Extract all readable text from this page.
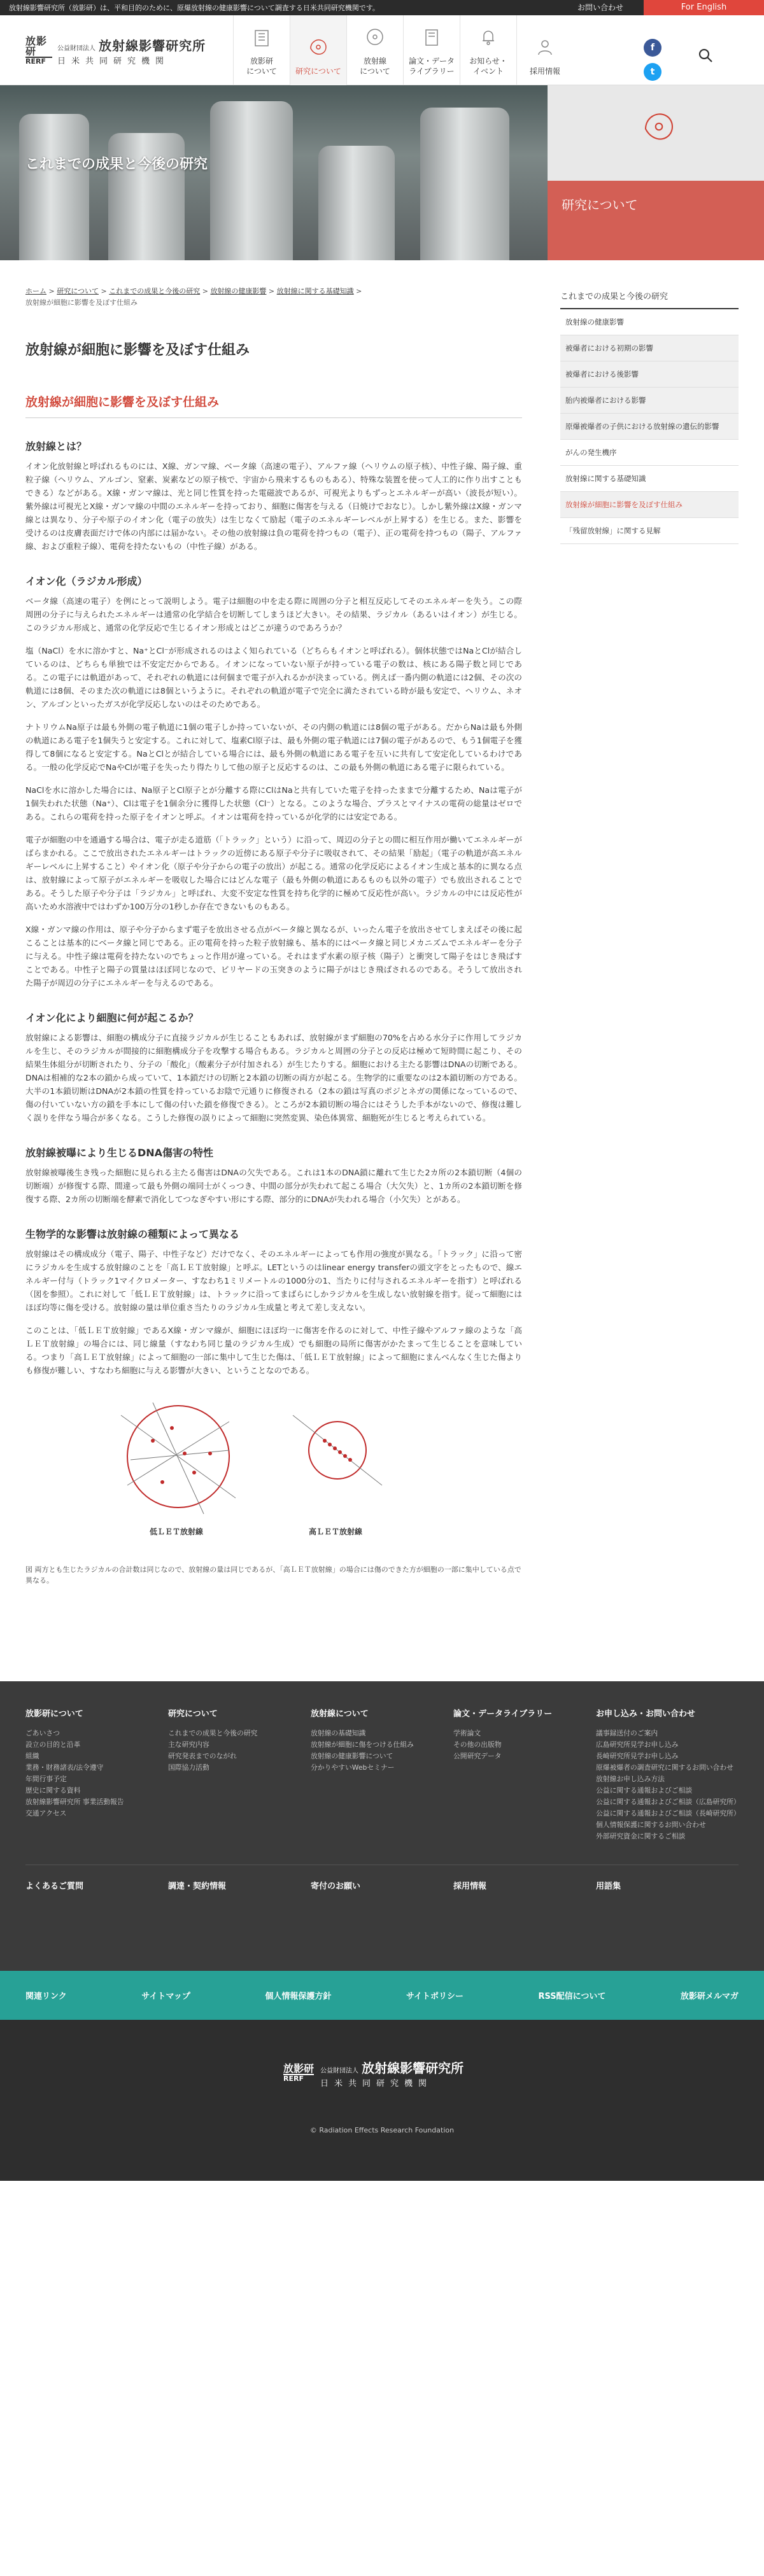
放射線影響研究所（放影研）は、平和目的のために、原爆放射線の健康影響について調査する日米共同研究機関です。	お問い合わせ	For English
放影研
RERF
公益財団法人 放射線影響研究所
日米共同研究機関	放影研
について 研究について
放射線
について
論文・データ
ライブラリー
お知らせ・
イベント	採用情報
f
t
これまでの成果と今後の研究
研究について
ホーム > 研究について > これまでの成果と今後の研究 > 放射線の健康影響 > 放射線に関する基礎知識 >
放射線が細胞に影響を及ぼす仕組み
放射線が細胞に影響を及ぼす仕組み
放射線が細胞に影響を及ぼす仕組み
放射線とは？

イオン化放射線と呼ばれるものには、X線、ガンマ線、ベータ線（高速の電子）、アルファ線（ヘリウムの原子核）、中性子線、陽子線、重粒子線（ヘリウム、アルゴン、窒素、炭素などの原子核で、宇宙から飛来するものもある）、特殊な装置を使って人工的に作り出すこともできる）などがある。X線・ガンマ線は、光と同じ性質を持った電磁波であるが、可視光よりもずっとエネルギーが高い（波長が短い）。紫外線は可視光とX線・ガンマ線の中間のエネルギーを持っており、細胞に傷害を与える（日焼けでおなじ）。しかし紫外線はX線・ガンマ線とは異なり、分子や原子のイオン化（電子の放失）は生じなくて励起（電子のエネルギーレベルが上昇する）を生じる。また、影響を受けるのは皮膚表面だけで体の内部には届かない。その他の放射線は負の電荷を持つもの（電子）、正の電荷を持つもの（陽子、アルファ線、および重粒子線）、電荷を持たないもの（中性子線）がある。

イオン化（ラジカル形成）

ベータ線（高速の電子）を例にとって説明しよう。電子は細胞の中を走る際に周囲の分子と相互反応してそのエネルギーを失う。この際周囲の分子に与えられたエネルギーは通常の化学結合を切断してしまうほど大きい。その結果、ラジカル（あるいはイオン）が生じる。このラジカル形成と、通常の化学反応で生じるイオン形成とはどこが違うのであろうか？

塩（NaCl）を水に溶かすと、Na⁺とCl⁻が形成されるのはよく知られている（どちらもイオンと呼ばれる）。個体状態ではNaとClが結合しているのは、どちらも単独では不安定だからである。イオンになっていない原子が持っている電子の数は、核にある陽子数と同じである。この電子には軌道があって、それぞれの軌道には何個まで電子が入れるかが決まっている。例えば一番内側の軌道には2個、その次の軌道には8個、そのまた次の軌道には8個というように。それぞれの軌道が電子で完全に満たされている時が最も安定で、ヘリウム、ネオン、アルゴンといったガスが化学反応しないのはそのためである。

ナトリウムNa原子は最も外側の電子軌道に1個の電子しか持っていないが、その内側の軌道には8個の電子がある。だからNaは最も外側の軌道にある電子を1個失うと安定する。これに対して、塩素Cl原子は、最も外側の電子軌道には7個の電子があるので、もう1個電子を獲得して8個になると安定する。NaとClとが結合している場合には、最も外側の軌道にある電子を互いに共有して安定化しているわけである。一般の化学反応でNaやClが電子を失ったり得たりして他の原子と反応するのは、この最も外側の軌道にある電子に限られている。

NaClを水に溶かした場合には、Na原子とCl原子とが分離する際にClはNaと共有していた電子を持ったままで分離するため、Naは電子が1個失われた状態（Na⁺）、Clは電子を1個余分に獲得した状態（Cl⁻）となる。このような場合、プラスとマイナスの電荷の総量はゼロである。これらの電荷を持った原子をイオンと呼ぶ。イオンは電荷を持っているが化学的には安定である。

電子が細胞の中を通過する場合は、電子が走る道筋（「トラック」という）に沿って、周辺の分子との間に相互作用が働いてエネルギーがばらまかれる。ここで放出されたエネルギーはトラックの近傍にある原子や分子に吸収されて、その結果「励起」（電子の軌道が高エネルギーレベルに上昇すること）やイオン化（原子や分子からの電子の放出）が起こる。通常の化学反応によるイオン生成と基本的に異なる点は、放射線によって原子がエネルギーを吸収した場合にはどんな電子（最も外側の軌道にあるものも以外の電子）でも放出されることである。そうした原子や分子は「ラジカル」と呼ばれ、大変不安定な性質を持ち化学的に極めて反応性が高い。ラジカルの中には反応性が高いため水溶液中ではわずか100万分の1秒しか存在できないものもある。

X線・ガンマ線の作用は、原子や分子からまず電子を放出させる点がベータ線と異なるが、いったん電子を放出させてしまえばその後に起こることは基本的にベータ線と同じである。正の電荷を持った粒子放射線も、基本的にはベータ線と同じメカニズムでエネルギーを分子に与える。中性子線は電荷を持たないのでちょっと作用が違っている。それはまず水素の原子核（陽子）と衝突して陽子をはじき飛ばすことである。中性子と陽子の質量はほぼ同じなので、ビリヤードの玉突きのように陽子がはじき飛ばされるのである。そうして放出された陽子が周辺の分子にエネルギーを与えるのである。

イオン化により細胞に何が起こるか？

放射線による影響は、細胞の構成分子に直接ラジカルが生じることもあれば、放射線がまず細胞の70%を占める水分子に作用してラジカルを生じ、そのラジカルが間接的に細胞構成分子を攻撃する場合もある。ラジカルと周囲の分子との反応は極めて短時間に起こり、その結果生体組分が切断されたり、分子の「酸化」（酸素分子が付加される）が生じたりする。細胞における主たる影響はDNAの切断である。DNAは相補的な2本の鎖から成っていて、1本鎖だけの切断と2本鎖の切断の両方が起こる。生物学的に重要なのは2本鎖切断の方である。大半の1本鎖切断はDNAが2本鎖の性質を持っているお陰で元通りに修復される（2本の鎖は写真のポジとネガの関係になっているので、傷の付いていない方の鎖を手本にして傷の付いた鎖を修復できる）。ところが2本鎖切断の場合にはそうした手本がないので、修復は難しく誤りを伴なう場合が多くなる。こうした修復の誤りによって細胞に突然変異、染色体異常、細胞死が生じると考えられている。

放射線被曝により生じるDNA傷害の特性

放射線被曝後生き残った細胞に見られる主たる傷害はDNAの欠失である。これは1本のDNA鎖に離れて生じた2カ所の2本鎖切断（4個の切断端）が修復する際、間違って最も外側の端同士がくっつき、中間の部分が失われて起こる場合（大欠失）と、1カ所の2本鎖切断を修復する際、2カ所の切断端を酵素で消化してつなぎやすい形にする際、部分的にDNAが失われる場合（小欠失）とがある。

生物学的な影響は放射線の種類によって異なる

放射線はその構成成分（電子、陽子、中性子など）だけでなく、そのエネルギーによっても作用の強度が異なる。「トラック」に沿って密にラジカルを生成する放射線のことを「高ＬＥＴ放射線」と呼ぶ。LETというのはlinear energy transferの頭文字をとったもので、線エネルギー付与（トラック1マイクロメーター、すなわち1ミリメートルの1000分の1、当たりに付与されるエネルギーを指す）と呼ばれる（図を参照）。これに対して「低ＬＥＴ放射線」は、トラックに沿ってまばらにしかラジカルを生成しない放射線を指す。従って細胞にはほぼ均等に傷を受ける。放射線の量は単位重さ当たりのラジカル生成量と考えて差し支えない。

このことは、「低ＬＥＴ放射線」であるX線・ガンマ線が、細胞にほぼ均一に傷害を作るのに対して、中性子線やアルファ線のような「高ＬＥＴ放射線」の場合には、同じ線量（すなわち同じ量のラジカル生成）でも細胞の局所に傷害がかたまって生じることを意味している。つまり「高ＬＥＴ放射線」によって細胞の一部に集中して生じた傷は、「低ＬＥＴ放射線」によって細胞にまんべんなく生じた傷よりも修復が難しい、すなわち細胞に与える影響が大きい、ということなのである。

低ＬＥＴ放射線	高ＬＥＴ放射線

図 両方とも生じたラジカルの合計数は同じなので、放射線の量は同じであるが、「高ＬＥＴ放射線」の場合には傷のできた方が細胞の一部に集中している点で異なる。

これまでの成果と今後の研究
放射線の健康影響
被爆者における初期の影響
被爆者における後影響
胎内被爆者における影響
原爆被爆者の子供における放射線の遺伝的影響
がんの発生機序
放射線に関する基礎知識
放射線が細胞に影響を及ぼす仕組み
「残留放射線」に関する見解
放影研について
ごあいさつ
設立の目的と沿革
組織
業務・財務諸表/法令遵守
年間行事予定
歴史に関する資料
放射線影響研究所 事業活動報告
交通アクセス
研究について
これまでの成果と今後の研究
主な研究内容
研究発表までのながれ
国際協力活動
放射線について
放射線の基礎知識
放射線が細胞に傷をつける仕組み
放射線の健康影響について
分かりやすいWebセミナー
論文・データライブラリー
学術論文
その他の出版物
公開研究データ
お申し込み・お問い合わせ
議事録送付のご案内
広島研究所見学お申し込み
長崎研究所見学お申し込み
原爆被爆者の調査研究に関するお問い合わせ
放射線お申し込み方法
公益に関する通報およびご相談
公益に関する通報およびご相談（広島研究所）
公益に関する通報およびご相談（長崎研究所）
個人情報保護に関するお問い合わせ
外部研究資金に関するご相談
よくあるご質問	調達・契約情報	寄付のお願い	採用情報	用語集
関連リンク	サイトマップ	個人情報保護方針	サイトポリシー	RSS配信について	放影研メルマガ
放影研
RERF
公益財団法人 放射線影響研究所
日米共同研究機関
© Radiation Effects Research Foundation
